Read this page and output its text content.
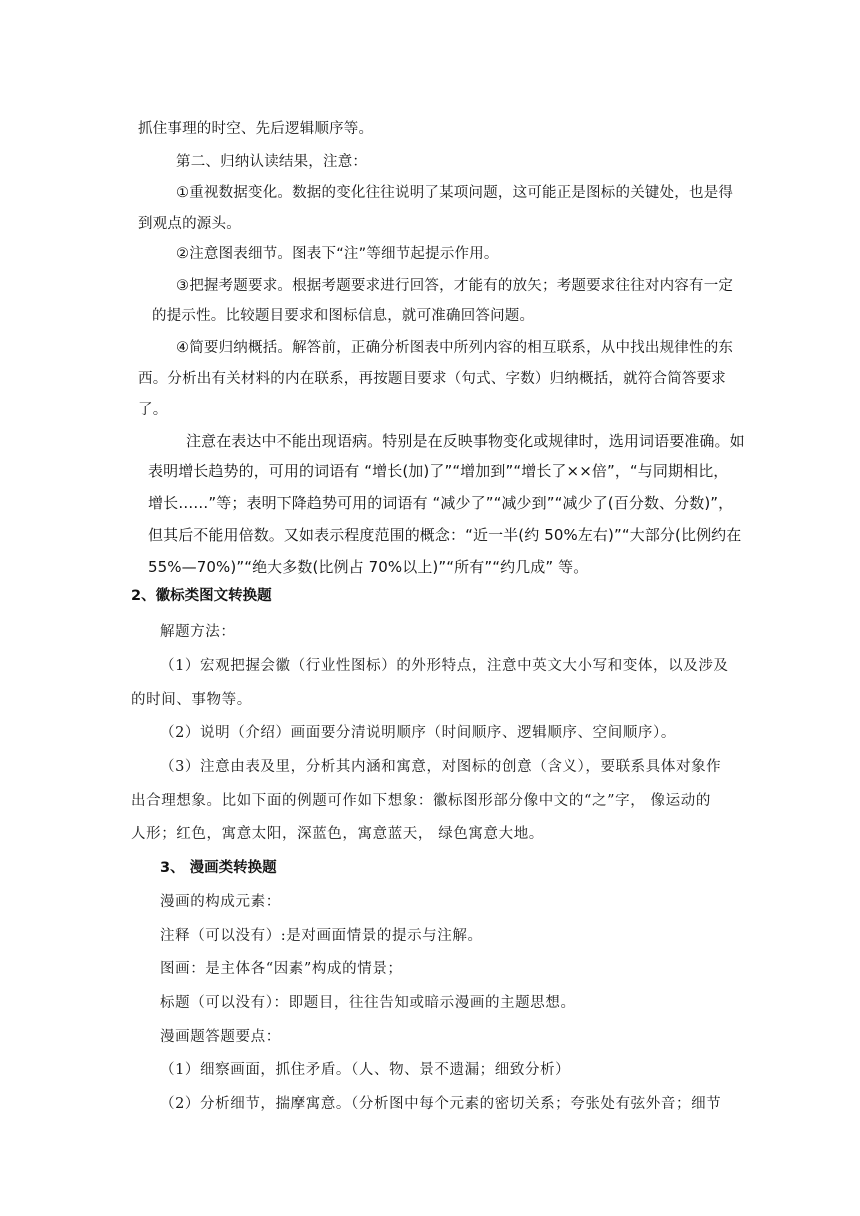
抓住事理的时空、先后逻辑顺序等。

第二、归纳认读结果，注意：

①重视数据变化。数据的变化往往说明了某项问题，这可能正是图标的关键处，也是得

到观点的源头。

②注意图表细节。图表下“注”等细节起提示作用。

③把握考题要求。根据考题要求进行回答，才能有的放矢；考题要求往往对内容有一定

的提示性。比较题目要求和图标信息，就可准确回答问题。

④简要归纳概括。解答前，正确分析图表中所列内容的相互联系，从中找出规律性的东

西。分析出有关材料的内在联系，再按题目要求（句式、字数）归纳概括，就符合简答要求

了。

注意在表达中不能出现语病。特别是在反映事物变化或规律时，选用词语要准确。如

表明增长趋势的，可用的词语有 “增长(加)了”“增加到”“增长了××倍”，“与同期相比，

增长……”等；表明下降趋势可用的词语有 “减少了”“减少到”“减少了(百分数、分数)”，

但其后不能用倍数。又如表示程度范围的概念：“近一半(约 50%左右)”“大部分(比例约在

55%—70%)”“绝大多数(比例占 70%以上)”“所有”“约几成” 等。

2、徽标类图文转换题

解题方法：

（1）宏观把握会徽（行业性图标）的外形特点，注意中英文大小写和变体，以及涉及

的时间、事物等。

（2）说明（介绍）画面要分清说明顺序（时间顺序、逻辑顺序、空间顺序）。

（3）注意由表及里，分析其内涵和寓意，对图标的创意（含义），要联系具体对象作

出合理想象。比如下面的例题可作如下想象：徽标图形部分像中文的“之”字， 像运动的

人形；红色，寓意太阳，深蓝色，寓意蓝天， 绿色寓意大地。

3、 漫画类转换题

漫画的构成元素：

注释（可以没有）:是对画面情景的提示与注解。

图画：是主体各“因素”构成的情景；

标题（可以没有）：即题目，往往告知或暗示漫画的主题思想。

漫画题答题要点：

（1）细察画面，抓住矛盾。（人、物、景不遗漏；细致分析）

（2）分析细节，揣摩寓意。（分析图中每个元素的密切关系；夸张处有弦外音；细节
